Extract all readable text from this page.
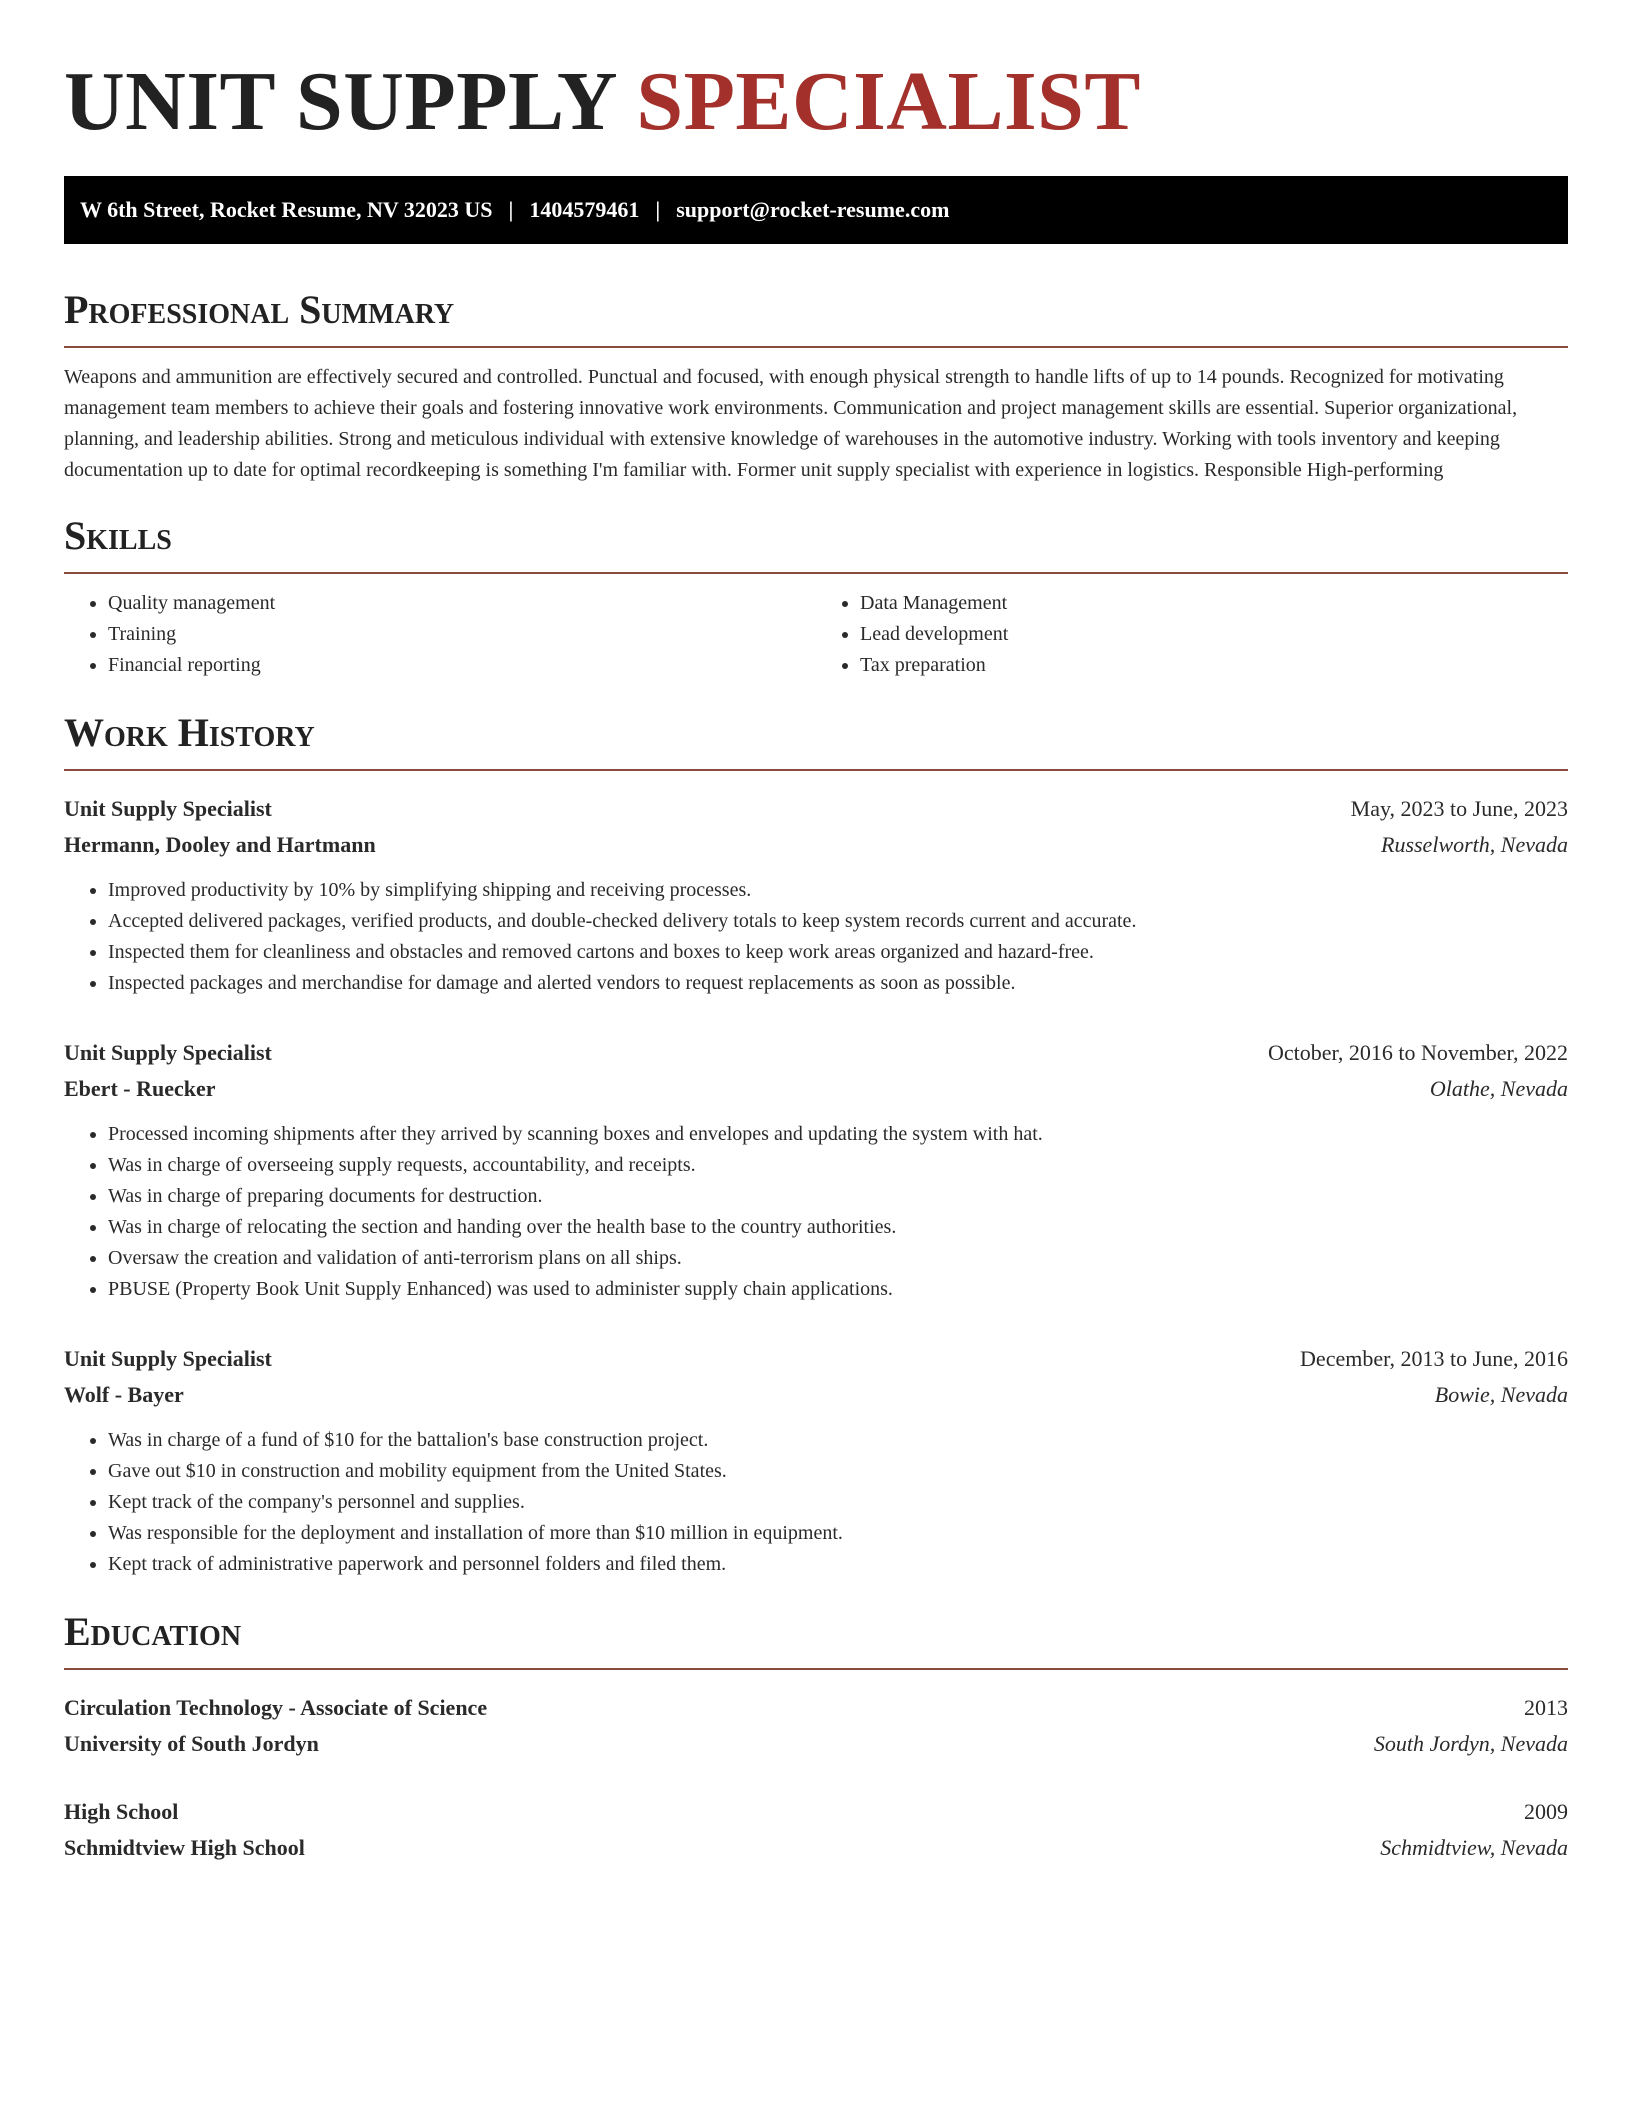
UNIT SUPPLY SPECIALIST
W 6th Street, Rocket Resume, NV 32023 US | 1404579461 | support@rocket-resume.com
Professional Summary

Weapons and ammunition are effectively secured and controlled. Punctual and focused, with enough physical strength to handle lifts of up to 14 pounds. Recognized for motivating management team members to achieve their goals and fostering innovative work environments. Communication and project management skills are essential. Superior organizational, planning, and leadership abilities. Strong and meticulous individual with extensive knowledge of warehouses in the automotive industry. Working with tools inventory and keeping documentation up to date for optimal recordkeeping is something I'm familiar with. Former unit supply specialist with experience in logistics. Responsible High-performing

Skills
• Quality management
• Training
• Financial reporting
• Data Management
• Lead development
• Tax preparation
Work History
Unit Supply Specialist	May, 2023 to June, 2023
Hermann, Dooley and Hartmann	Russelworth, Nevada
• Improved productivity by 10% by simplifying shipping and receiving processes.
• Accepted delivered packages, verified products, and double-checked delivery totals to keep system records current and accurate.
• Inspected them for cleanliness and obstacles and removed cartons and boxes to keep work areas organized and hazard-free.
• Inspected packages and merchandise for damage and alerted vendors to request replacements as soon as possible.
Unit Supply Specialist	October, 2016 to November, 2022
Ebert - Ruecker	Olathe, Nevada
• Processed incoming shipments after they arrived by scanning boxes and envelopes and updating the system with hat.
• Was in charge of overseeing supply requests, accountability, and receipts.
• Was in charge of preparing documents for destruction.
• Was in charge of relocating the section and handing over the health base to the country authorities.
• Oversaw the creation and validation of anti-terrorism plans on all ships.
• PBUSE (Property Book Unit Supply Enhanced) was used to administer supply chain applications.
Unit Supply Specialist	December, 2013 to June, 2016
Wolf - Bayer	Bowie, Nevada
• Was in charge of a fund of $10 for the battalion's base construction project.
• Gave out $10 in construction and mobility equipment from the United States.
• Kept track of the company's personnel and supplies.
• Was responsible for the deployment and installation of more than $10 million in equipment.
• Kept track of administrative paperwork and personnel folders and filed them.
Education
Circulation Technology - Associate of Science	2013
University of South Jordyn	South Jordyn, Nevada
High School	2009
Schmidtview High School	Schmidtview, Nevada
